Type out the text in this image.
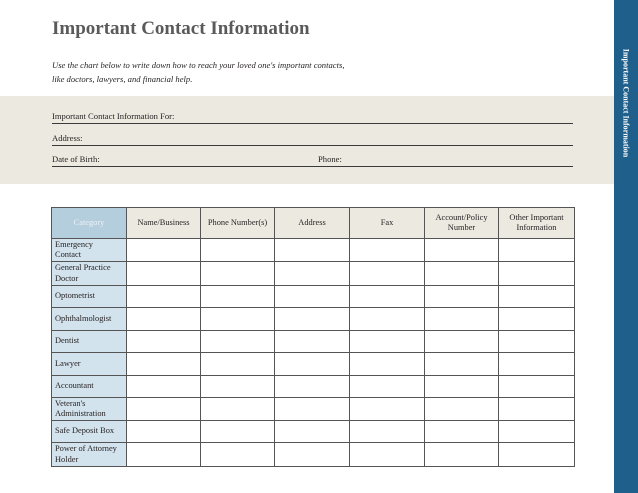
Important Contact Information
Use the chart below to write down how to reach your loved one's important contacts,
like doctors, lawyers, and financial help.	Important Contact Information
Important Contact Information For:
Address:
Date of Birth:	Phone:
Category	Name/Business	Phone Number(s)	Address	Fax	Account/Policy Number	Other Important Information

Emergency
Contact						

General Practice
Doctor						

Optometrist						

Ophthalmologist						

Dentist						

Lawyer						

Accountant						

Veteran's
Administration						

Safe Deposit Box						

Power of Attorney
Holder						
